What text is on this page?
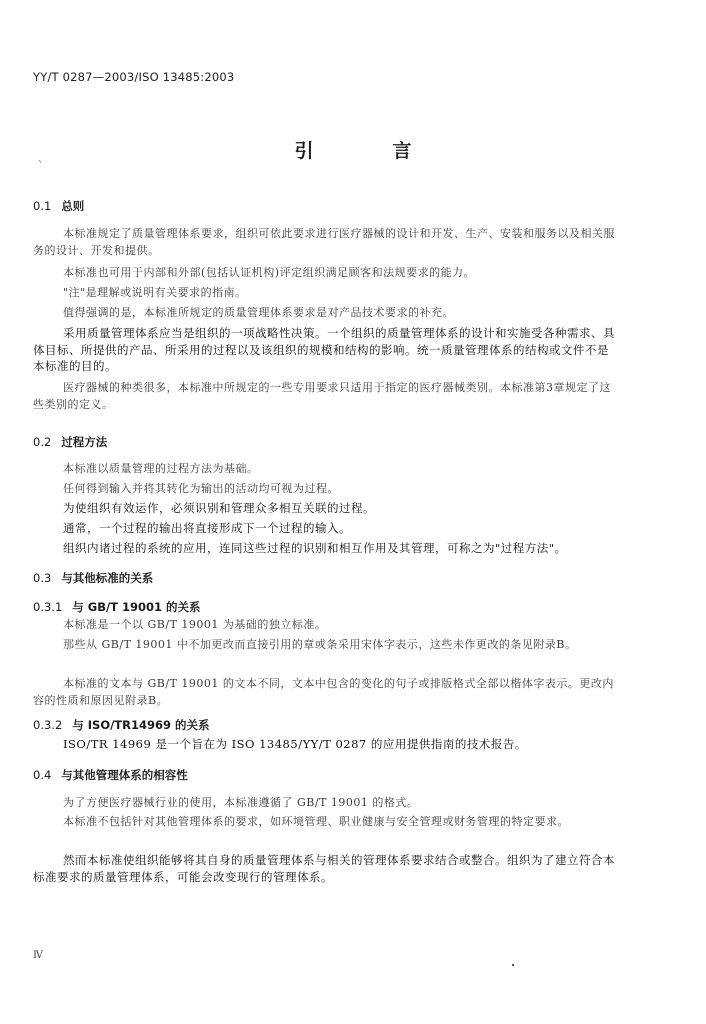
YY/T 0287—2003/ISO 13485:2003
引　言
、
0.1 总则
本标准规定了质量管理体系要求，组织可依此要求进行医疗器械的设计和开发、生产、安装和服务以及相关服务的设计、开发和提供。
本标准也可用于内部和外部(包括认证机构)评定组织满足顾客和法规要求的能力。
"注"是理解或说明有关要求的指南。
值得强调的是，本标准所规定的质量管理体系要求是对产品技术要求的补充。
采用质量管理体系应当是组织的一项战略性决策。一个组织的质量管理体系的设计和实施受各种需求、具体目标、所提供的产品、所采用的过程以及该组织的规模和结构的影响。统一质量管理体系的结构或文件不是本标准的目的。
医疗器械的种类很多，本标准中所规定的一些专用要求只适用于指定的医疗器械类别。本标准第3章规定了这些类别的定义。
0.2 过程方法
本标准以质量管理的过程方法为基础。
任何得到输入并将其转化为输出的活动均可视为过程。
为使组织有效运作，必须识别和管理众多相互关联的过程。
通常，一个过程的输出将直接形成下一个过程的输入。
组织内诸过程的系统的应用，连同这些过程的识别和相互作用及其管理，可称之为"过程方法"。
0.3 与其他标准的关系
0.3.1 与 GB/T 19001 的关系
本标准是一个以 GB/T 19001 为基础的独立标准。
那些从 GB/T 19001 中不加更改而直接引用的章或条采用宋体字表示，这些未作更改的条见附录B。
本标准的文本与 GB/T 19001 的文本不同，文本中包含的变化的句子或排版格式全部以楷体字表示。更改内容的性质和原因见附录B。
0.3.2 与 ISO/TR14969 的关系
ISO/TR 14969 是一个旨在为 ISO 13485/YY/T 0287 的应用提供指南的技术报告。
0.4 与其他管理体系的相容性
为了方便医疗器械行业的使用，本标准遵循了 GB/T 19001 的格式。
本标准不包括针对其他管理体系的要求，如环境管理、职业健康与安全管理或财务管理的特定要求。
然而本标准使组织能够将其自身的质量管理体系与相关的管理体系要求结合或整合。组织为了建立符合本标准要求的质量管理体系，可能会改变现行的管理体系。
Ⅳ
